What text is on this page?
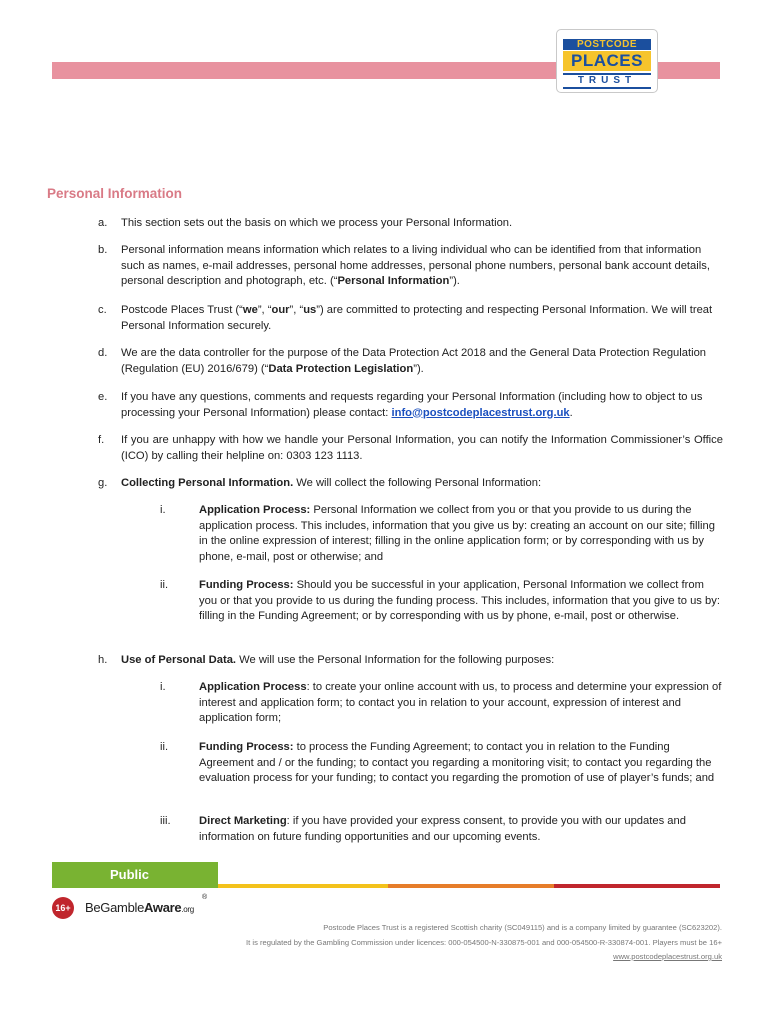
POSTCODE
PLACES
TRUST
Personal Information
a.	This section sets out the basis on which we process your Personal Information.
b.	Personal information means information which relates to a living individual who can be identified from that information such as names, e-mail addresses, personal home addresses, personal phone numbers, personal bank account details, personal description and photograph, etc. (“Personal Information”).
c.	Postcode Places Trust (“we”, “our”, “us”) are committed to protecting and respecting Personal Information. We will treat Personal Information securely.
d.	We are the data controller for the purpose of the Data Protection Act 2018 and the General Data Protection Regulation (Regulation (EU) 2016/679) (“Data Protection Legislation”).
e.	If you have any questions, comments and requests regarding your Personal Information (including how to object to us processing your Personal Information) please contact: info@postcodeplacestrust.org.uk.
f.	If you are unhappy with how we handle your Personal Information, you can notify the Information Commissioner’s Office (ICO) by calling their helpline on: 0303 123 1113.
g.	Collecting Personal Information. We will collect the following Personal Information:
i.	Application Process: Personal Information we collect from you or that you provide to us during the application process. This includes, information that you give us by: creating an account on our site; filling in the online expression of interest; filling in the online application form; or by corresponding with us by phone, e-mail, post or otherwise; and
ii.	Funding Process: Should you be successful in your application, Personal Information we collect from you or that you provide to us during the funding process. This includes, information that you give to us by: filling in the Funding Agreement; or by corresponding with us by phone, e-mail, post or otherwise.
h.	Use of Personal Data. We will use the Personal Information for the following purposes:
i.	Application Process: to create your online account with us, to process and determine your expression of interest and application form; to contact you in relation to your account, expression of interest and application form;
ii.	Funding Process: to process the Funding Agreement; to contact you in relation to the Funding Agreement and / or the funding; to contact you regarding a monitoring visit; to contact you regarding the evaluation process for your funding; to contact you regarding the promotion of use of player’s funds; and
iii.	Direct Marketing: if you have provided your express consent, to provide you with our updates and information on future funding opportunities and our upcoming events.
Public
16+ BeGambleAware.org
®
Postcode Places Trust is a registered Scottish charity (SC049115) and is a company limited by guarantee (SC623202).
It is regulated by the Gambling Commission under licences: 000-054500-N-330875-001 and 000-054500-R-330874-001. Players must be 16+
www.postcodeplacestrust.org.uk
